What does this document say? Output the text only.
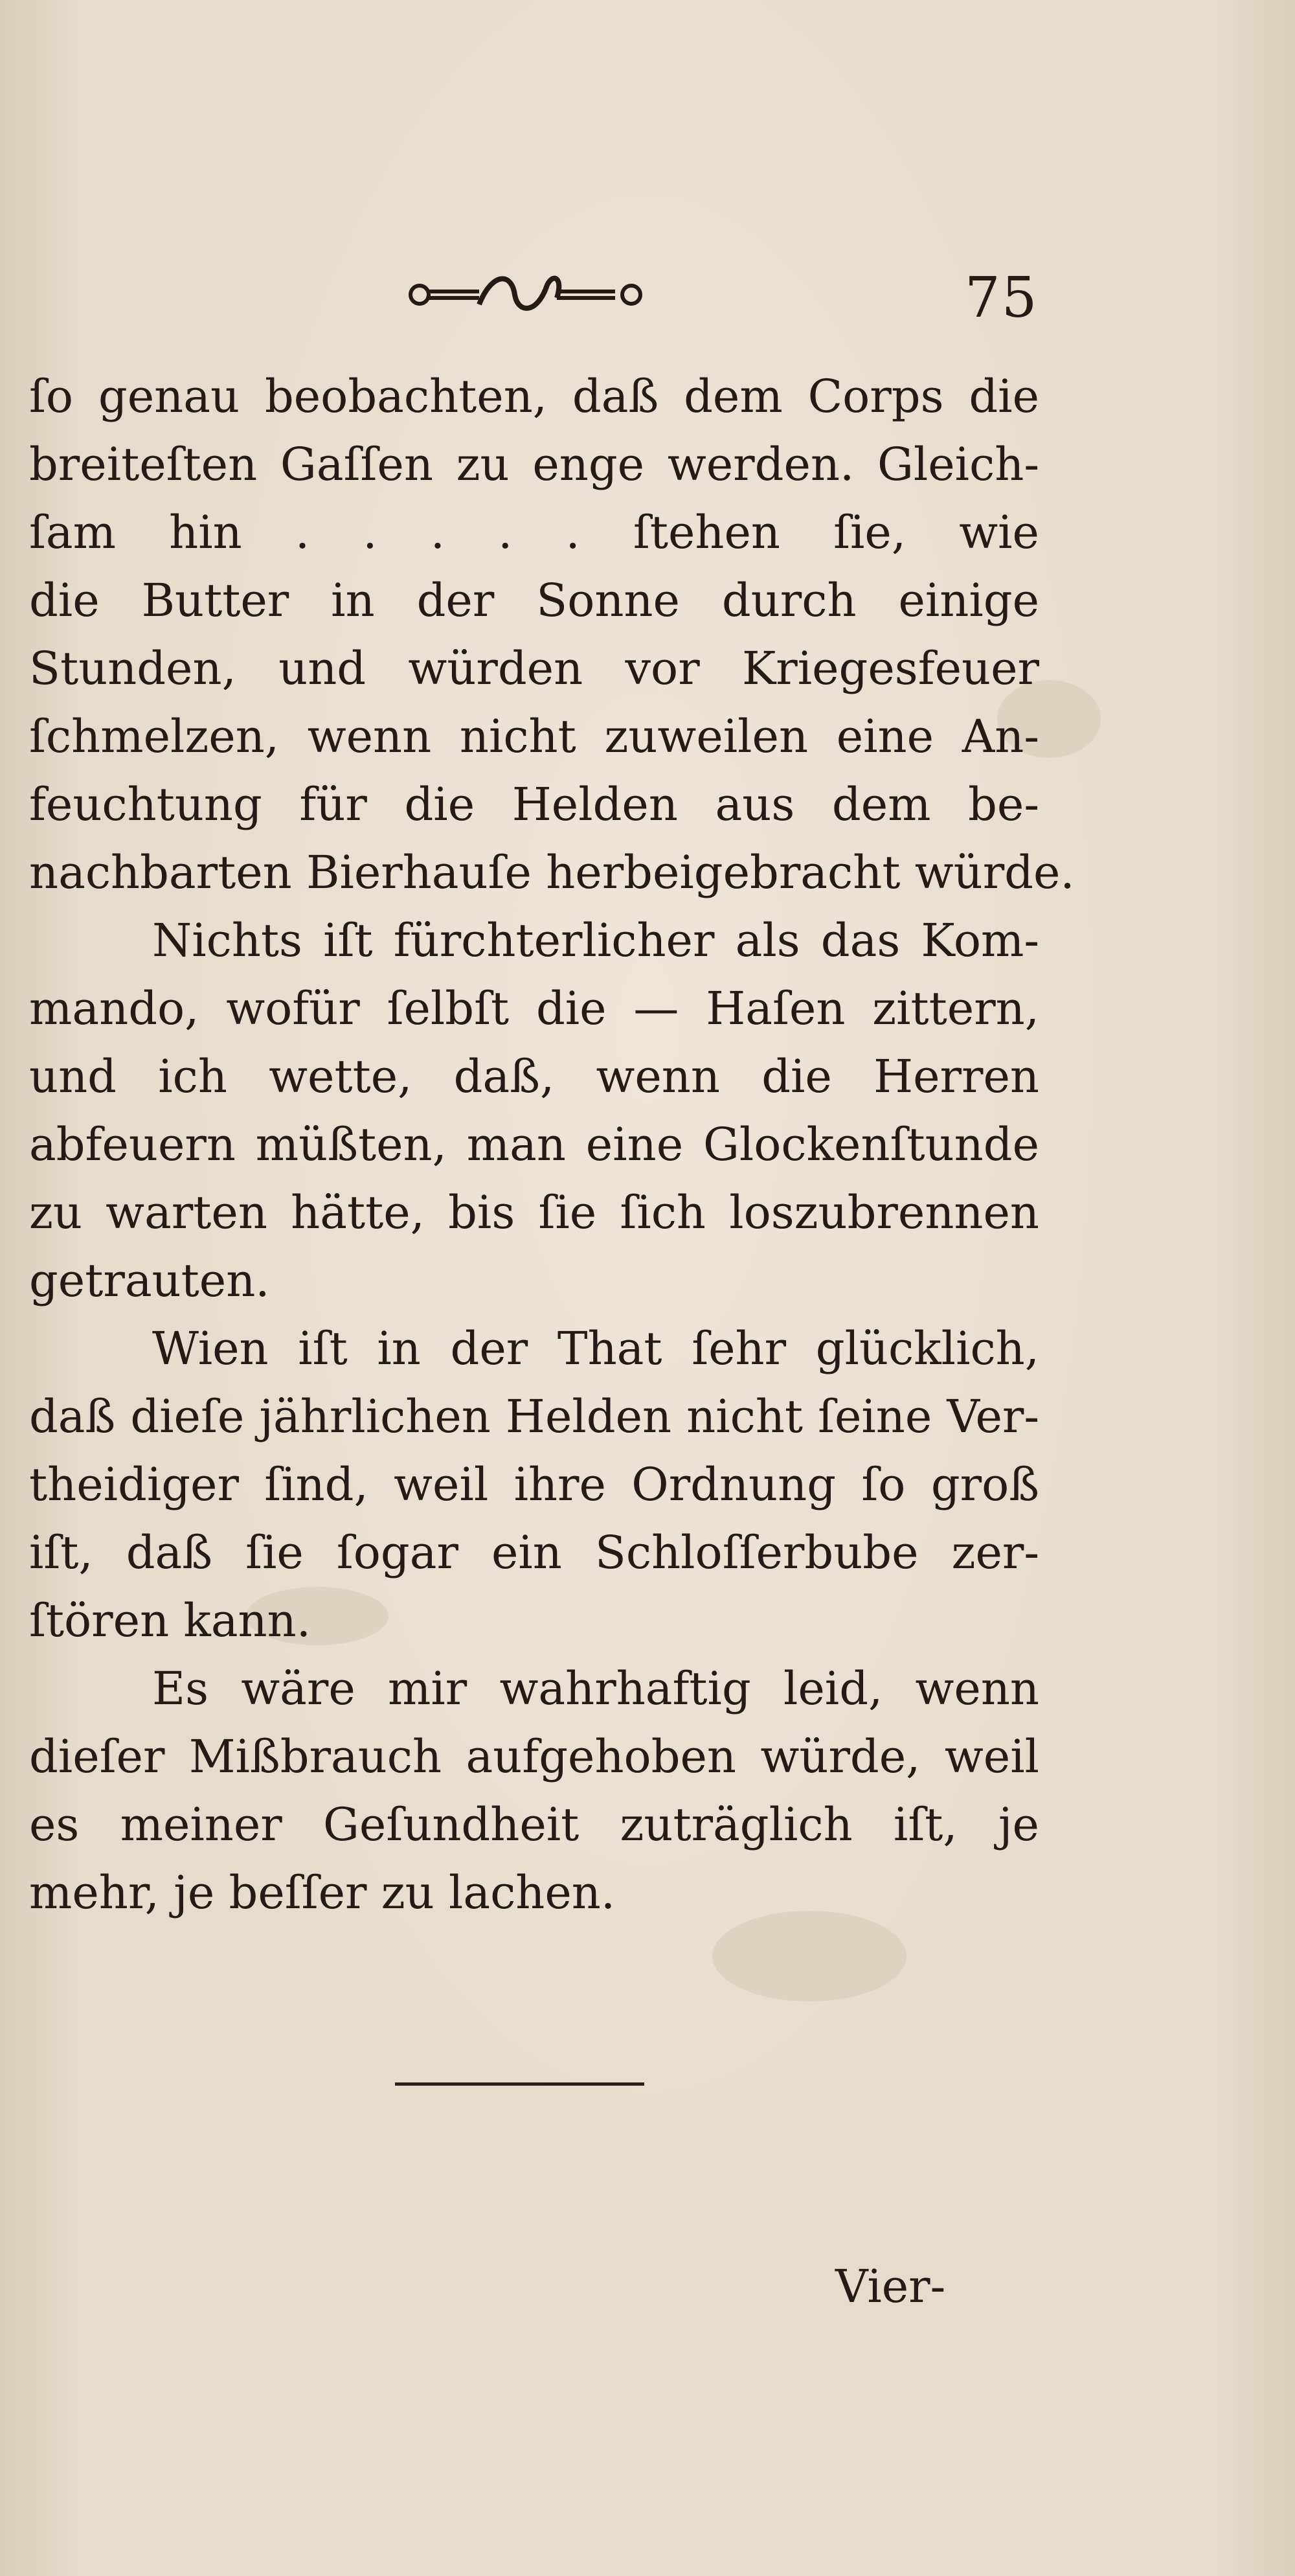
75
ſo genau beobachten, daß dem Corps die
breiteſten Gaſſen zu enge werden. Gleich-
ſam hin . . . . . ſtehen ſie, wie
die Butter in der Sonne durch einige
Stunden, und würden vor Kriegesfeuer
ſchmelzen, wenn nicht zuweilen eine An-
feuchtung für die Helden aus dem be-
nachbarten Bierhauſe herbeigebracht würde.
Nichts iſt fürchterlicher als das Kom-
mando, wofür ſelbſt die — Haſen zittern,
und ich wette, daß, wenn die Herren
abfeuern müßten, man eine Glockenſtunde
zu warten hätte, bis ſie ſich loszubrennen
getrauten.
Wien iſt in der That ſehr glücklich,
daß dieſe jährlichen Helden nicht ſeine Ver-
theidiger ſind, weil ihre Ordnung ſo groß
iſt, daß ſie ſogar ein Schloſſerbube zer-
ſtören kann.
Es wäre mir wahrhaftig leid, wenn
dieſer Mißbrauch aufgehoben würde, weil
es meiner Geſundheit zuträglich iſt, je
mehr, je beſſer zu lachen.
Vier-
